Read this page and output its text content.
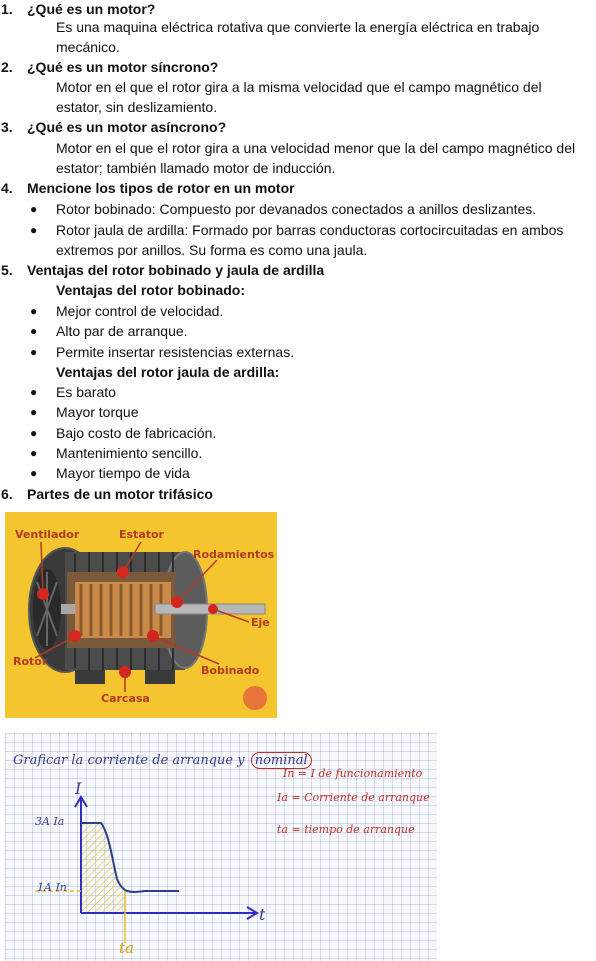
1. ¿Qué es un motor?
Es una maquina eléctrica rotativa que convierte la energía eléctrica en trabajo mecánico.
2. ¿Qué es un motor síncrono?
Motor en el que el rotor gira a la misma velocidad que el campo magnético del estator, sin deslizamiento.
3. ¿Qué es un motor asíncrono?
Motor en el que el rotor gira a una velocidad menor que la del campo magnético del estator; también llamado motor de inducción.
4. Mencione los tipos de rotor en un motor
● Rotor bobinado: Compuesto por devanados conectados a anillos deslizantes.
● Rotor jaula de ardilla: Formado por barras conductoras cortocircuitadas en ambos extremos por anillos. Su forma es como una jaula.
5. Ventajas del rotor bobinado y jaula de ardilla
Ventajas del rotor bobinado:
● Mejor control de velocidad.
● Alto par de arranque.
● Permite insertar resistencias externas.
Ventajas del rotor jaula de ardilla:
● Es barato
● Mayor torque
● Bajo costo de fabricación.
● Mantenimiento sencillo.
● Mayor tiempo de vida
6. Partes de un motor trifásico
Ventilador	Estator
Rodamientos
Eje
Rotor
Bobinado
Carcasa
Graficar la corriente de arranque y nominal
In = I de funcionamiento
Ia = Corriente de arranque
ta = tiempo de arranque
I
t
3A Ia
1A In
ta
